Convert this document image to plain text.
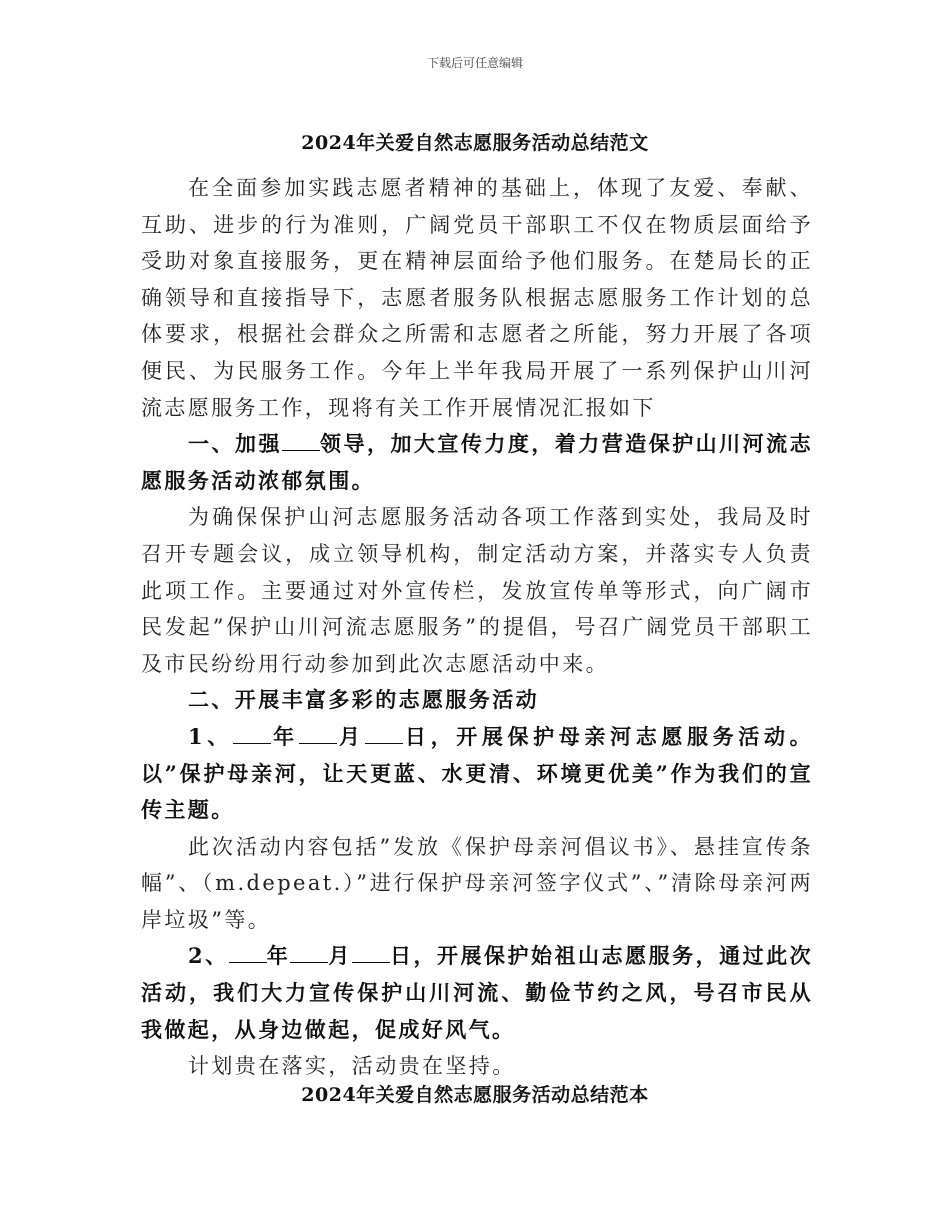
下载后可任意编辑
2024年关爱自然志愿服务活动总结范文

在全面参加实践志愿者精神的基础上，体现了友爱、奉献、互助、进步的行为准则，广阔党员干部职工不仅在物质层面给予受助对象直接服务，更在精神层面给予他们服务。在楚局长的正确领导和直接指导下，志愿者服务队根据志愿服务工作计划的总体要求，根据社会群众之所需和志愿者之所能，努力开展了各项便民、为民服务工作。今年上半年我局开展了一系列保护山川河流志愿服务工作，现将有关工作开展情况汇报如下

一、加强 领导，加大宣传力度，着力营造保护山川河流志愿服务活动浓郁氛围。

为确保保护山河志愿服务活动各项工作落到实处，我局及时召开专题会议，成立领导机构，制定活动方案，并落实专人负责此项工作。主要通过对外宣传栏，发放宣传单等形式，向广阔市民发起”保护山川河流志愿服务”的提倡，号召广阔党员干部职工及市民纷纷用行动参加到此次志愿活动中来。

二、开展丰富多彩的志愿服务活动

1、 年 月 日，开展保护母亲河志愿服务活动。以”保护母亲河，让天更蓝、水更清、环境更优美”作为我们的宣传主题。

此次活动内容包括”发放《保护母亲河倡议书》、悬挂宣传条幅”、（m.depeat.）”进行保护母亲河签字仪式”、”清除母亲河两岸垃圾”等。

2、 年 月 日，开展保护始祖山志愿服务，通过此次活动，我们大力宣传保护山川河流、勤俭节约之风，号召市民从我做起，从身边做起，促成好风气。

计划贵在落实，活动贵在坚持。

2024年关爱自然志愿服务活动总结范本
